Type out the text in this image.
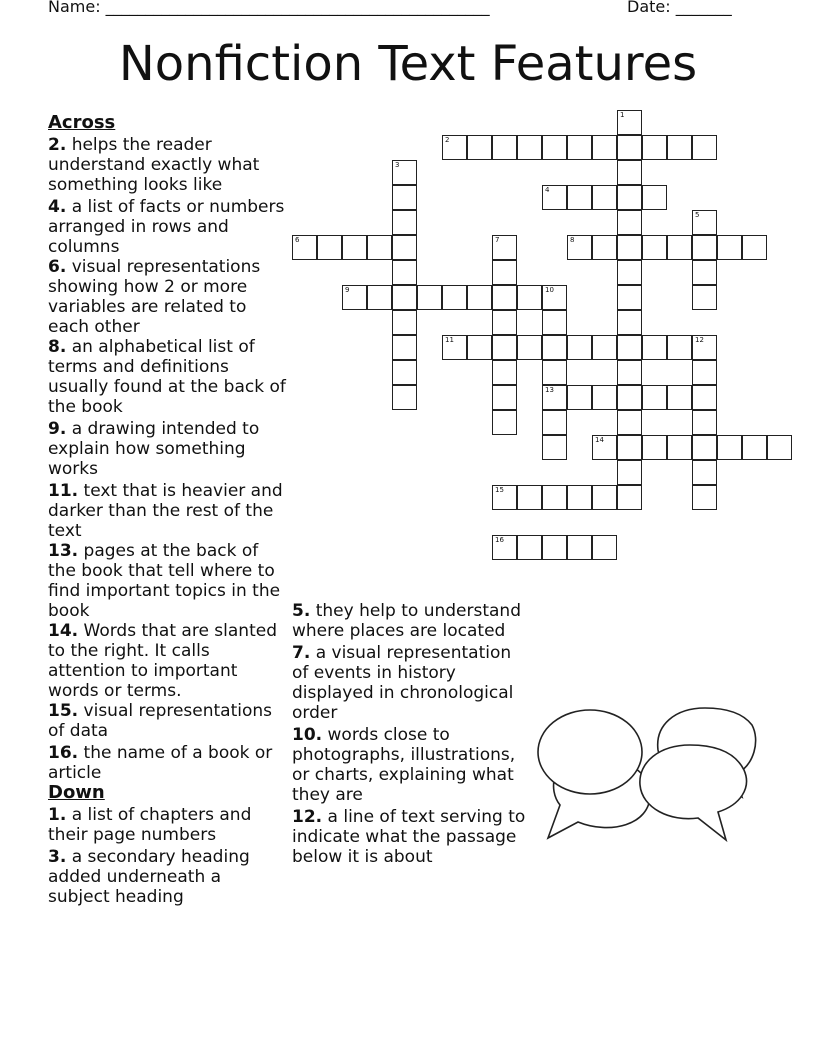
Name: ________________________________________________	Date: _______
Nonfiction Text Features
1
2
3
4
5
6	7	8
9	10
13
11	12
14
15
16
Across
2. helps the reader understand exactly what something looks like
4. a list of facts or numbers arranged in rows and columns
6. visual representations showing how 2 or more variables are related to each other
8. an alphabetical list of terms and definitions usually found at the back of the book
9. a drawing intended to explain how something works
11. text that is heavier and darker than the rest of the text
13. pages at the back of the book that tell where to find important topics in the book
14. Words that are slanted to the right. It calls attention to important words or terms.
15. visual representations of data
16. the name of a book or article
Down
1. a list of chapters and their page numbers
3. a secondary heading added underneath a subject heading
5. they help to understand where places are located
7. a visual representation of events in history displayed in chronological order
10. words close to photographs, illustrations, or charts, explaining what they are
12. a line of text serving to indicate what the passage below it is about
